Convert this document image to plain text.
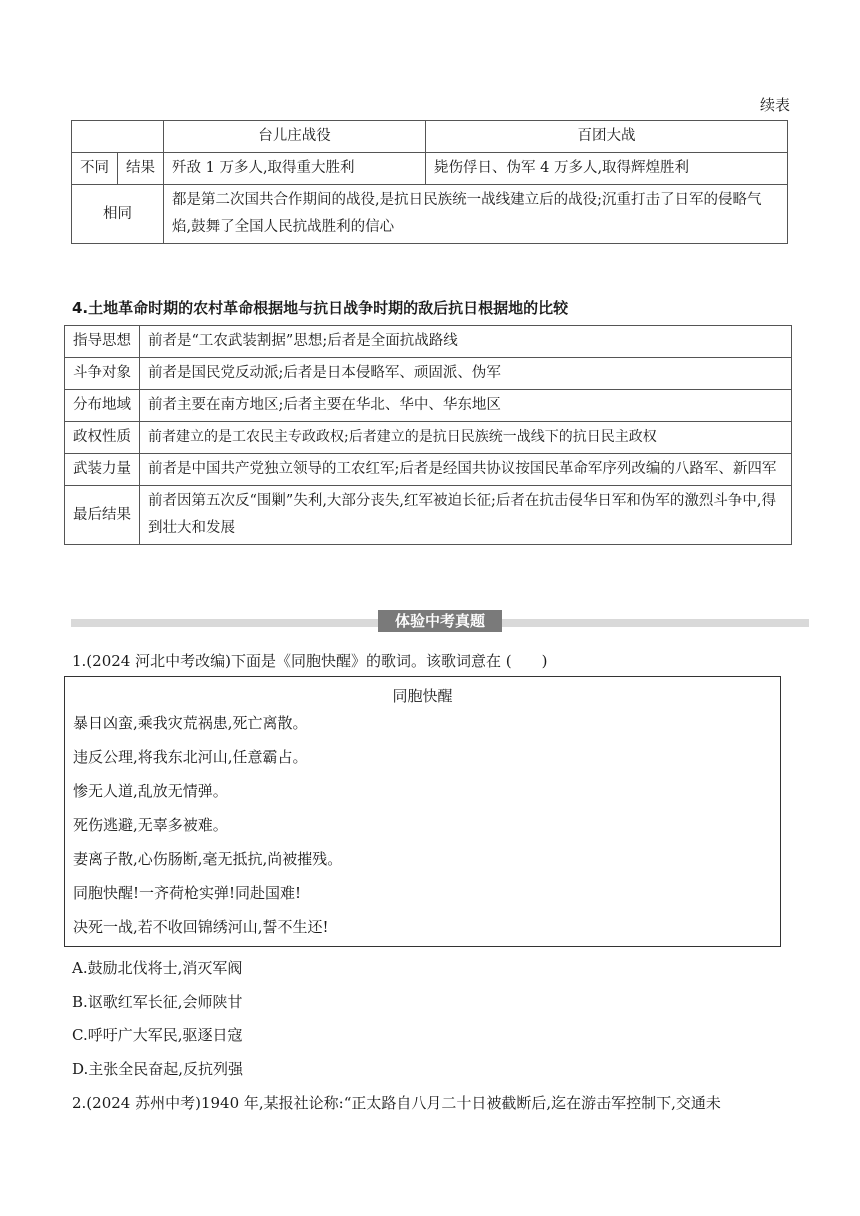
续表
		台儿庄战役	百团大战
不同	结果	歼敌 1 万多人,取得重大胜利	毙伤俘日、伪军 4 万多人,取得辉煌胜利
相同		都是第二次国共合作期间的战役,是抗日民族统一战线建立后的战役;沉重打击了日军的侵略气焰,鼓舞了全国人民抗战胜利的信心	
4.土地革命时期的农村革命根据地与抗日战争时期的敌后抗日根据地的比较
指导思想	前者是“工农武装割据”思想;后者是全面抗战路线
斗争对象	前者是国民党反动派;后者是日本侵略军、顽固派、伪军
分布地域	前者主要在南方地区;后者主要在华北、华中、华东地区
政权性质	前者建立的是工农民主专政政权;后者建立的是抗日民族统一战线下的抗日民主政权
武装力量	前者是中国共产党独立领导的工农红军;后者是经国共协议按国民革命军序列改编的八路军、新四军
最后结果	前者因第五次反“围剿”失利,大部分丧失,红军被迫长征;后者在抗击侵华日军和伪军的激烈斗争中,得到壮大和发展
体验中考真题
1.(2024 河北中考改编)下面是《同胞快醒》的歌词。该歌词意在 (　　)
同胞快醒
暴日凶蛮,乘我灾荒祸患,死亡离散。
违反公理,将我东北河山,任意霸占。
惨无人道,乱放无情弹。
死伤逃避,无辜多被难。
妻离子散,心伤肠断,毫无抵抗,尚被摧残。
同胞快醒!一齐荷枪实弹!同赴国难!
决死一战,若不收回锦绣河山,誓不生还!
A.鼓励北伐将士,消灭军阀
B.讴歌红军长征,会师陕甘
C.呼吁广大军民,驱逐日寇
D.主张全民奋起,反抗列强
2.(2024 苏州中考)1940 年,某报社论称:“正太路自八月二十日被截断后,迄在游击军控制下,交通未
